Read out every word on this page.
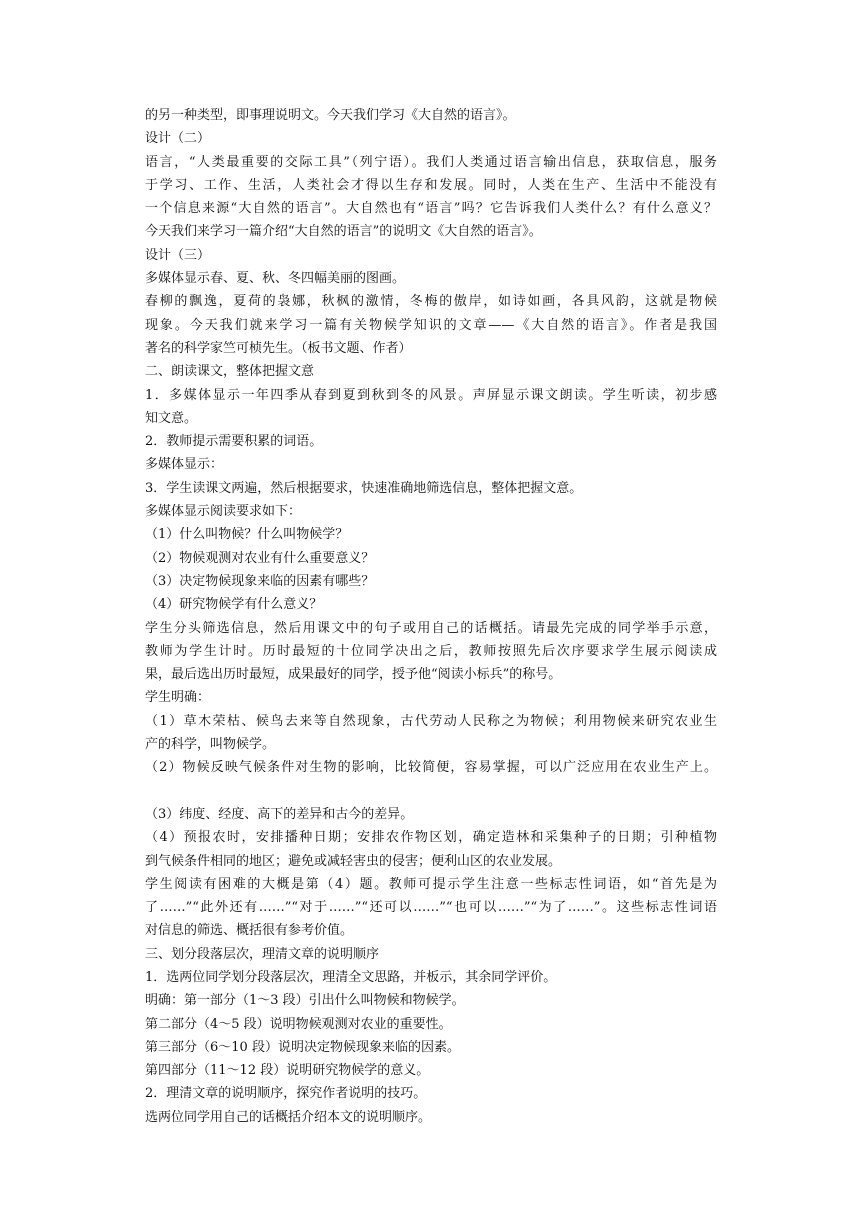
的另一种类型，即事理说明文。今天我们学习《大自然的语言》。
设计（二）
语言，“人类最重要的交际工具”（列宁语）。我们人类通过语言输出信息，获取信息，服务
于学习、工作、生活，人类社会才得以生存和发展。同时，人类在生产、生活中不能没有
一个信息来源“大自然的语言”。大自然也有“语言”吗？它告诉我们人类什么？有什么意义？
今天我们来学习一篇介绍“大自然的语言”的说明文《大自然的语言》。
设计（三）
多媒体显示春、夏、秋、冬四幅美丽的图画。
春柳的飘逸，夏荷的袅娜，秋枫的激情，冬梅的傲岸，如诗如画，各具风韵，这就是物候
现象。今天我们就来学习一篇有关物候学知识的文章——《大自然的语言》。作者是我国
著名的科学家竺可桢先生。（板书文题、作者）
二、朗读课文，整体把握文意
1．多媒体显示一年四季从春到夏到秋到冬的风景。声屏显示课文朗读。学生听读，初步感
知文意。
2．教师提示需要积累的词语。
多媒体显示：
3．学生读课文两遍，然后根据要求，快速准确地筛选信息，整体把握文意。
多媒体显示阅读要求如下：
（1）什么叫物候？什么叫物候学？
（2）物候观测对农业有什么重要意义？
（3）决定物候现象来临的因素有哪些？
（4）研究物候学有什么意义？
学生分头筛选信息，然后用课文中的句子或用自己的话概括。请最先完成的同学举手示意，
教师为学生计时。历时最短的十位同学决出之后，教师按照先后次序要求学生展示阅读成
果，最后选出历时最短，成果最好的同学，授予他“阅读小标兵”的称号。
学生明确：
（1）草木荣枯、候鸟去来等自然现象，古代劳动人民称之为物候；利用物候来研究农业生
产的科学，叫物候学。
（2）物候反映气候条件对生物的影响，比较简便，容易掌握，可以广泛应用在农业生产上。
（3）纬度、经度、高下的差异和古今的差异。
（4）预报农时，安排播种日期；安排农作物区划，确定造林和采集种子的日期；引种植物
到气候条件相同的地区；避免或减轻害虫的侵害；便利山区的农业发展。
学生阅读有困难的大概是第（4）题。教师可提示学生注意一些标志性词语，如“首先是为
了……”“此外还有……”“对于……”“还可以……”“也可以……”“为了……”。这些标志性词语
对信息的筛选、概括很有参考价值。
三、划分段落层次，理清文章的说明顺序
1．选两位同学划分段落层次，理清全文思路，并板示，其余同学评价。
明确：第一部分（1～3 段）引出什么叫物候和物候学。
第二部分（4～5 段）说明物候观测对农业的重要性。
第三部分（6～10 段）说明决定物候现象来临的因素。
第四部分（11～12 段）说明研究物候学的意义。
2．理清文章的说明顺序，探究作者说明的技巧。
选两位同学用自己的话概括介绍本文的说明顺序。
